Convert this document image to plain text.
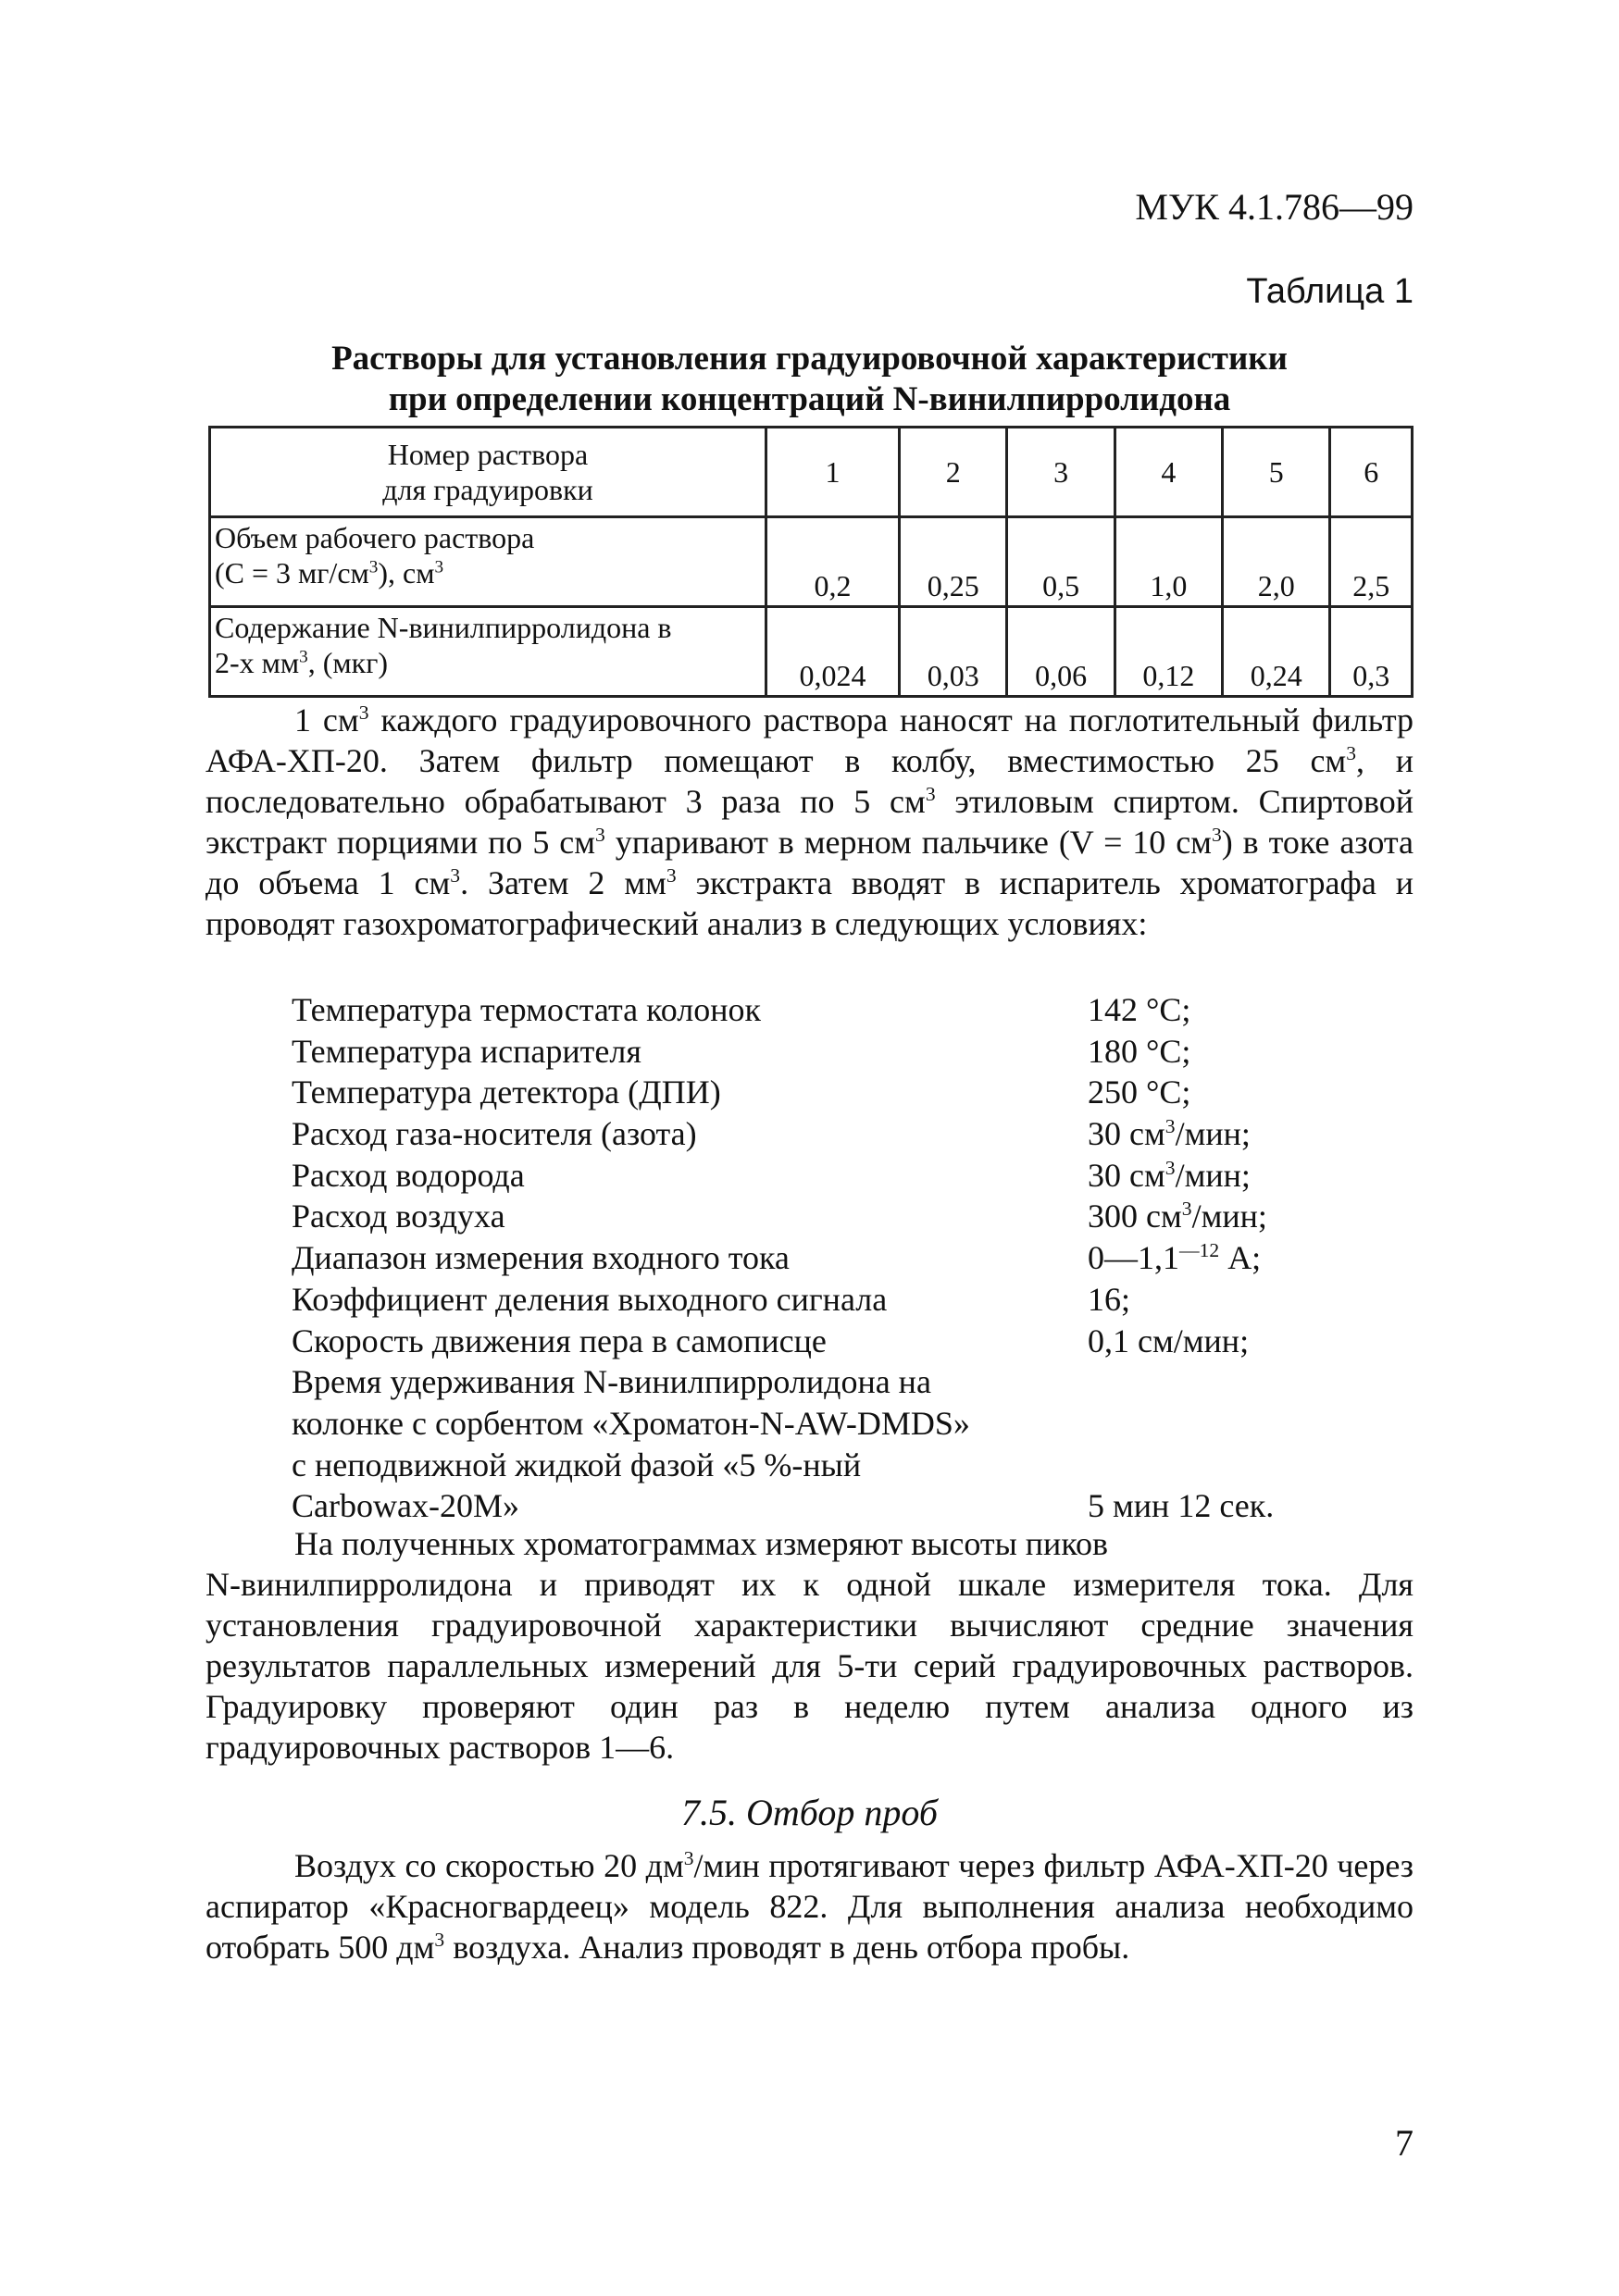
МУК 4.1.786—99
Таблица 1
Растворы для установления градуировочной характеристики
при определении концентраций N-винилпирролидона
Номер раствора
для градуировки	1	2	3	4	5	6

Объем рабочего раствора
(С = 3 $мг/см^3$), $см^3$	0,2	0,25	0,5	1,0	2,0	2,5

Содержание N-винилпирролидона в
2-х $мм^3$, (мкг)	0,024	0,03	0,06	0,12	0,24	0,3
1 $см^3$ каждого градуировочного раствора наносят на поглотительный фильтр АФА-ХП-20. Затем фильтр помещают в колбу, вместимостью 25 $см^3$, и последовательно обрабатывают 3 раза по 5 $см^3$ этиловым спиртом. Спиртовой экстракт порциями по 5 $см^3$ упаривают в мерном пальчике (V = 10 $см^3$) в токе азота до объема 1 $см^3$. Затем 2 $мм^3$ экстракта вводят в испаритель хроматографа и проводят газохроматографический анализ в следующих условиях:
Температура термостата колонок	142 °С;
Температура испарителя	180 °С;
Температура детектора (ДПИ)	250 °С;
Расход газа-носителя (азота)	30 $см^3$/мин;
Расход водорода	30 $см^3$/мин;
Расход воздуха	300 $см^3$/мин;
Диапазон измерения входного тока	$0—1,1^{—12}$ А;
Коэффициент деления выходного сигнала	16;
Скорость движения пера в самописце	0,1 см/мин;
Время удерживания N-винилпирролидона на
колонке с сорбентом «Хроматон-N-AW-DMDS»
с неподвижной жидкой фазой «5 %-ный
Carbowax-20M»	5 мин 12 сек.
На полученных хроматограммах измеряют высоты пиков
N-винилпирролидона и приводят их к одной шкале измерителя тока. Для установления градуировочной характеристики вычисляют средние значения результатов параллельных измерений для 5-ти серий градуировочных растворов. Градуировку проверяют один раз в неделю путем анализа одного из градуировочных растворов 1—6.
7.5. Отбор проб
Воздух со скоростью 20 $дм^3$/мин протягивают через фильтр АФА-ХП-20 через аспиратор «Красногвардеец» модель 822. Для выполнения анализа необходимо отобрать 500 $дм^3$ воздуха. Анализ проводят в день отбора пробы.
7
